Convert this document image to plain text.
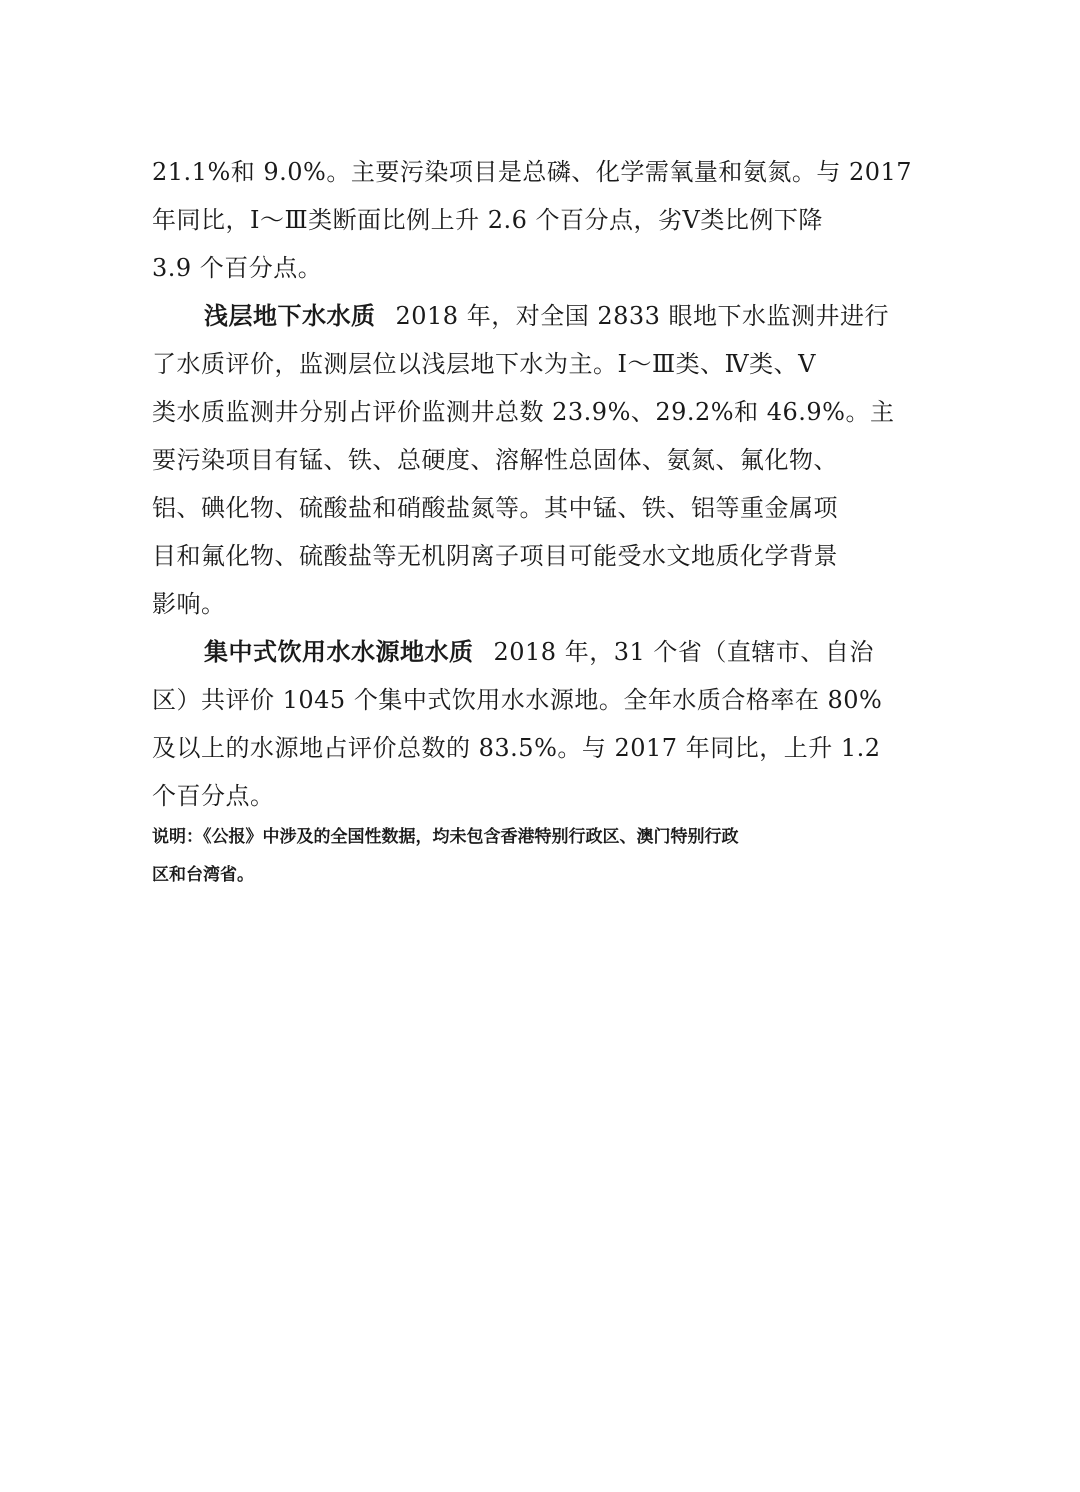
21.1%和 9.0%。主要污染项目是总磷、化学需氧量和氨氮。与 2017
年同比，Ⅰ～Ⅲ类断面比例上升 2.6 个百分点，劣Ⅴ类比例下降
3.9 个百分点。
浅层地下水水质 2018 年，对全国 2833 眼地下水监测井进行
了水质评价，监测层位以浅层地下水为主。Ⅰ～Ⅲ类、Ⅳ类、Ⅴ
类水质监测井分别占评价监测井总数 23.9%、29.2%和 46.9%。主
要污染项目有锰、铁、总硬度、溶解性总固体、氨氮、氟化物、
铝、碘化物、硫酸盐和硝酸盐氮等。其中锰、铁、铝等重金属项
目和氟化物、硫酸盐等无机阴离子项目可能受水文地质化学背景
影响。
集中式饮用水水源地水质 2018 年，31 个省（直辖市、自治
区）共评价 1045 个集中式饮用水水源地。全年水质合格率在 80%
及以上的水源地占评价总数的 83.5%。与 2017 年同比，上升 1.2
个百分点。
说明：《公报》中涉及的全国性数据，均未包含香港特别行政区、澳门特别行政
区和台湾省。
